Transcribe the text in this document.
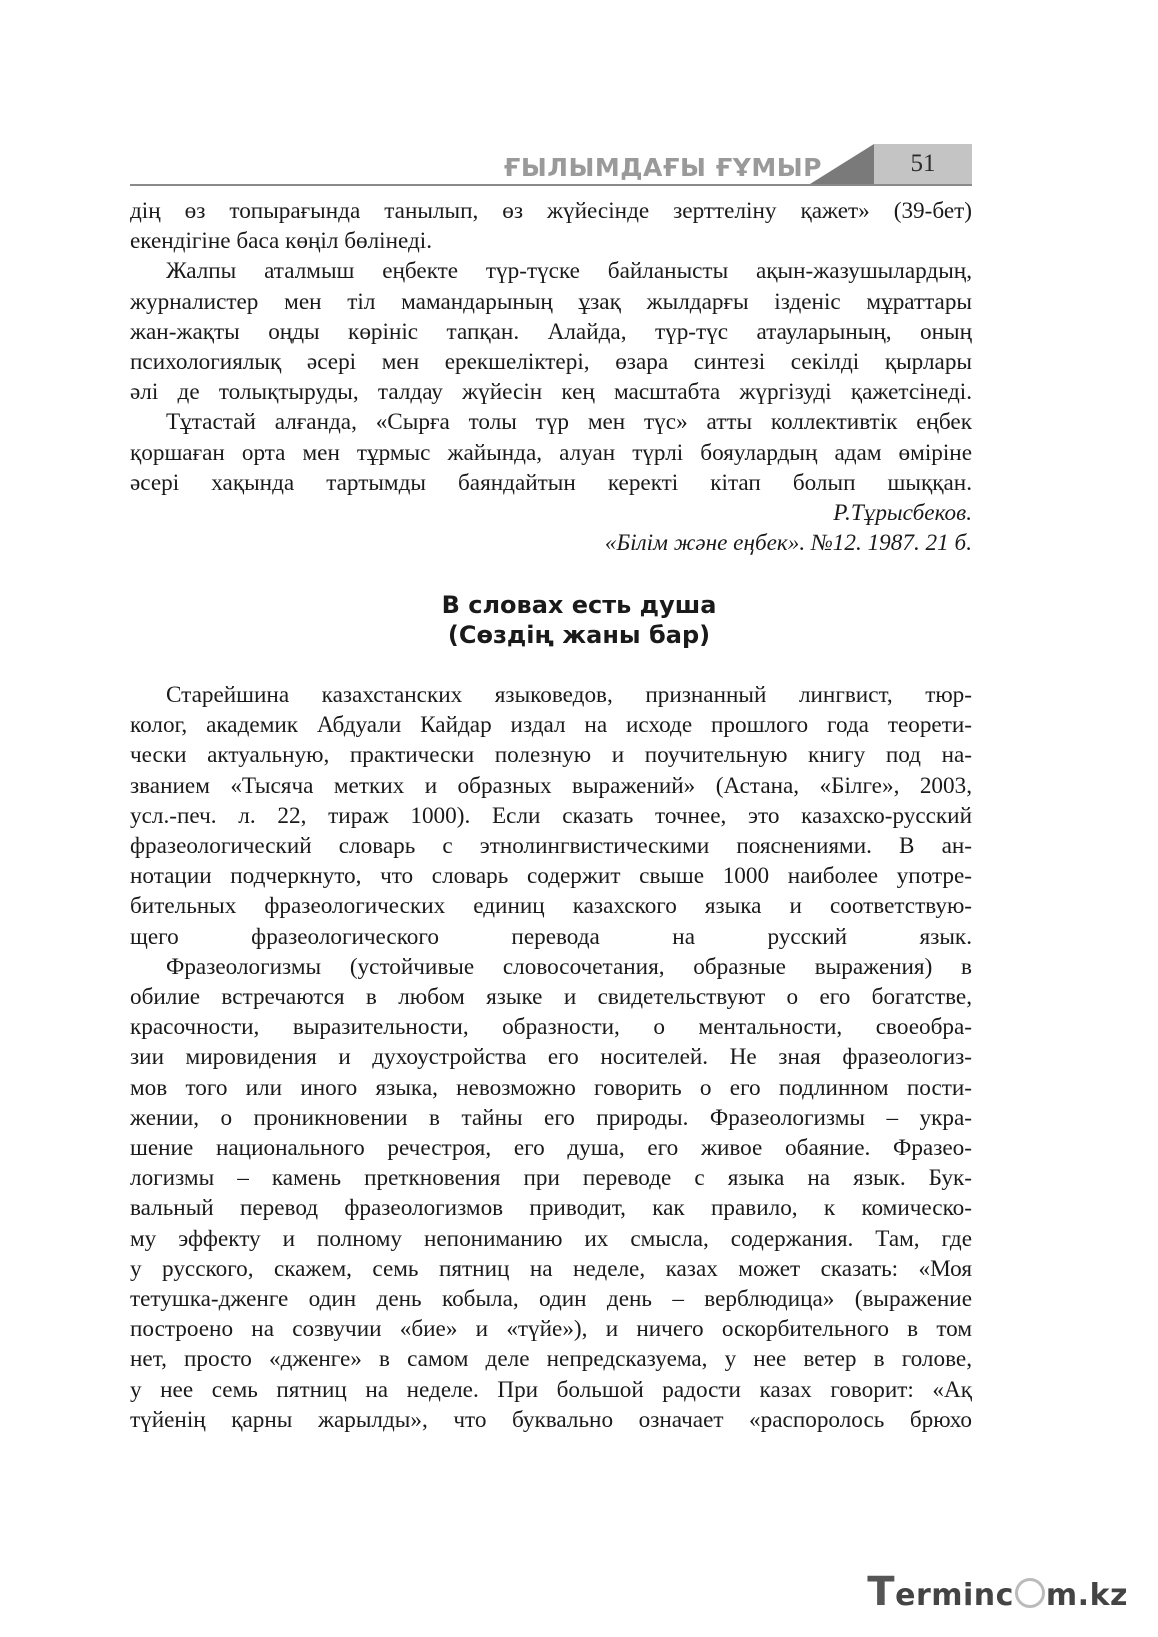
ҒЫЛЫМДАҒЫ ҒҰМЫР	51
дің өз топырағында танылып, өз жүйесінде зерттеліну қажет» (39-бет)
екендігіне баса көңіл бөлінеді.
Жалпы аталмыш еңбекте түр-түске байланысты ақын-жазушылардың,
журналистер мен тіл мамандарының ұзақ жылдарғы ізденіс мұраттары
жан-жақты оңды көрініс тапқан. Алайда, түр-түс атауларының, оның
психологиялық әсері мен ерекшеліктері, өзара синтезі секілді қырлары
әлі де толықтыруды, талдау жүйесін кең масштабта жүргізуді қажетсінеді.
Тұтастай алғанда, «Сырға толы түр мен түс» атты коллективтік еңбек
қоршаған орта мен тұрмыс жайында, алуан түрлі бояулардың адам өміріне
әсері хақында тартымды баяндайтын керекті кітап болып шыққан.
Р.Тұрысбеков.
«Білім және еңбек». №12. 1987. 21 б.
В словах есть душа
(Сөздің жаны бар)
Старейшина казахстанских языковедов, признанный лингвист, тюр-
колог, академик Абдуали Кайдар издал на исходе прошлого года теорети-
чески актуальную, практически полезную и поучительную книгу под на-
званием «Тысяча метких и образных выражений» (Астана, «Білге», 2003,
усл.-печ. л. 22, тираж 1000). Если сказать точнее, это казахско-русский
фразеологический словарь с этнолингвистическими пояснениями. В ан-
нотации подчеркнуто, что словарь содержит свыше 1000 наиболее употре-
бительных фразеологических единиц казахского языка и соответствую-
щего фразеологического перевода на русский язык.
Фразеологизмы (устойчивые словосочетания, образные выражения) в
обилие встречаются в любом языке и свидетельствуют о его богатстве,
красочности, выразительности, образности, о ментальности, своеобра-
зии мировидения и духоустройства его носителей. Не зная фразеологиз-
мов того или иного языка, невозможно говорить о его подлинном пости-
жении, о проникновении в тайны его природы. Фразеологизмы – укра-
шение национального речестроя, его душа, его живое обаяние. Фразео-
логизмы – камень преткновения при переводе с языка на язык. Бук-
вальный перевод фразеологизмов приводит, как правило, к комическо-
му эффекту и полному непониманию их смысла, содержания. Там, где
у русского, скажем, семь пятниц на неделе, казах может сказать: «Моя
тетушка-дженге один день кобыла, один день – верблюдица» (выражение
построено на созвучии «бие» и «түйе»), и ничего оскорбительного в том
нет, просто «дженге» в самом деле непредсказуема, у нее ветер в голове,
у нее семь пятниц на неделе. При большой радости казах говорит: «Ақ
түйенің қарны жарылды», что буквально означает «распоролось брюхо
Terminc m.kz
